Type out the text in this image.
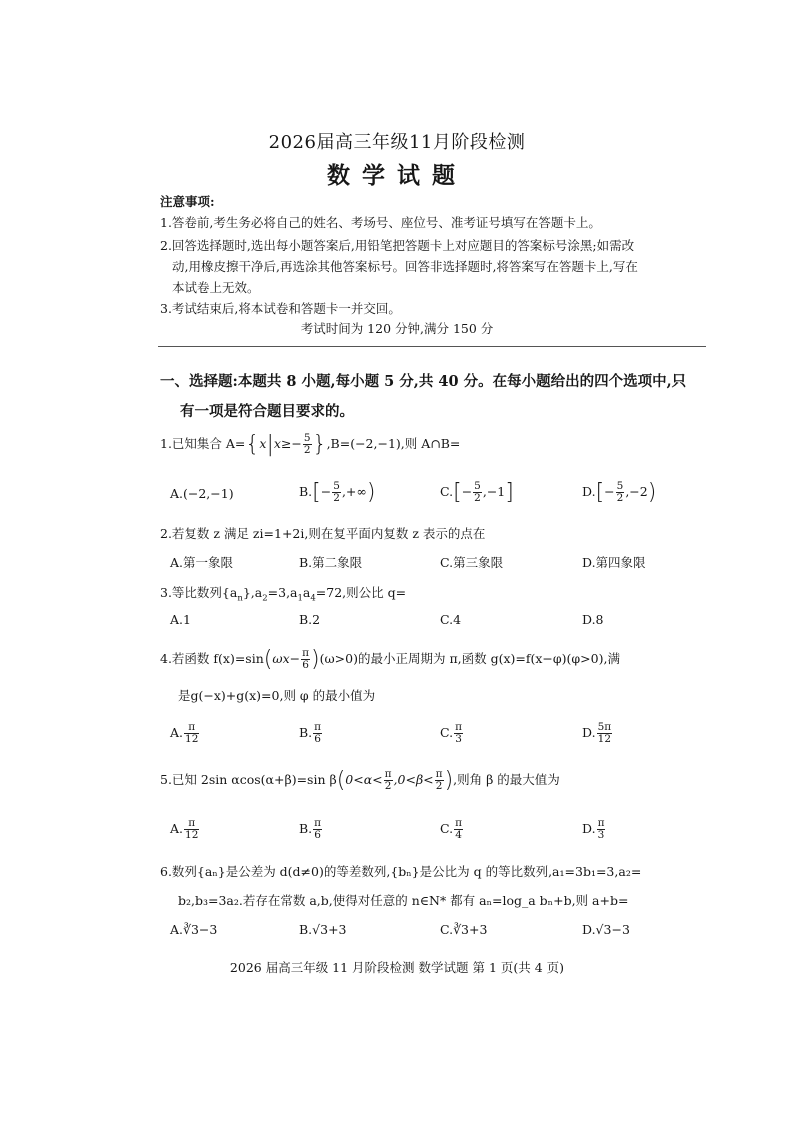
2026届高三年级11月阶段检测
数学试题
注意事项:
1.答卷前,考生务必将自己的姓名、考场号、座位号、准考证号填写在答题卡上。
2.回答选择题时,选出每小题答案后,用铅笔把答题卡上对应题目的答案标号涂黑;如需改
动,用橡皮擦干净后,再选涂其他答案标号。回答非选择题时,将答案写在答题卡上,写在
本试卷上无效。
3.考试结束后,将本试卷和答题卡一并交回。
考试时间为 120 分钟,满分 150 分
一、选择题:本题共 8 小题,每小题 5 分,共 40 分。在每小题给出的四个选项中,只
有一项是符合题目要求的。
1.已知集合 $A=\{x|x\ge- \frac{5}{2} \},B=(-2,-1)$,则 A∩B=
A.(−2,−1)	$B.[- \frac{5}{2}$ ,+∞)	$C.[- \frac{5}{2} ,-1]$	$D.[- \frac{5}{2} ,-2)$
2.若复数 z 满足 zi=1+2i,则在复平面内复数 z 表示的点在
A.第一象限	B.第二象限	C.第三象限	D.第四象限
3.等比数列$\{a_n\},a_2=3,a_1a_4=72$,则公比 q=
A.1	B.2	C.4	D.8
4.若函数 $f(x)=\sin(\omega x- \frac{\pi}{6} )(\omega>0)$的最小正周期为 π,函数 g(x)=f(x−φ)(φ>0),满
是g(−x)+g(x)=0,则 φ 的最小值为
A. $\frac{\pi}{12}$	B. $\frac{\pi}{6}$	C. $\frac{\pi}{3}$	D. $\frac{5\pi}{12}$
5.已知 2sin αcos(α+β)=sin $\beta(0<\alpha< \frac{\pi}{2} ,0<\beta< \frac{\pi}{2}$ ),则角 β 的最大值为
A. $\frac{\pi}{12}$	B. $\frac{\pi}{6}$	C. $\frac{\pi}{4}$	D. $\frac{\pi}{3}$
6.数列{aₙ}是公差为 d(d≠0)的等差数列,{bₙ}是公比为 q 的等比数列,a₁=3b₁=3,a₂=
b₂,b₃=3a₂.若存在常数 a,b,使得对任意的 n∈N* 都有 aₙ=log_a bₙ+b,则 a+b=
A.∛3−3	B.√3+3	C.∛3+3	D.√3−3
2026 届高三年级 11 月阶段检测 数学试题 第 1 页(共 4 页)
